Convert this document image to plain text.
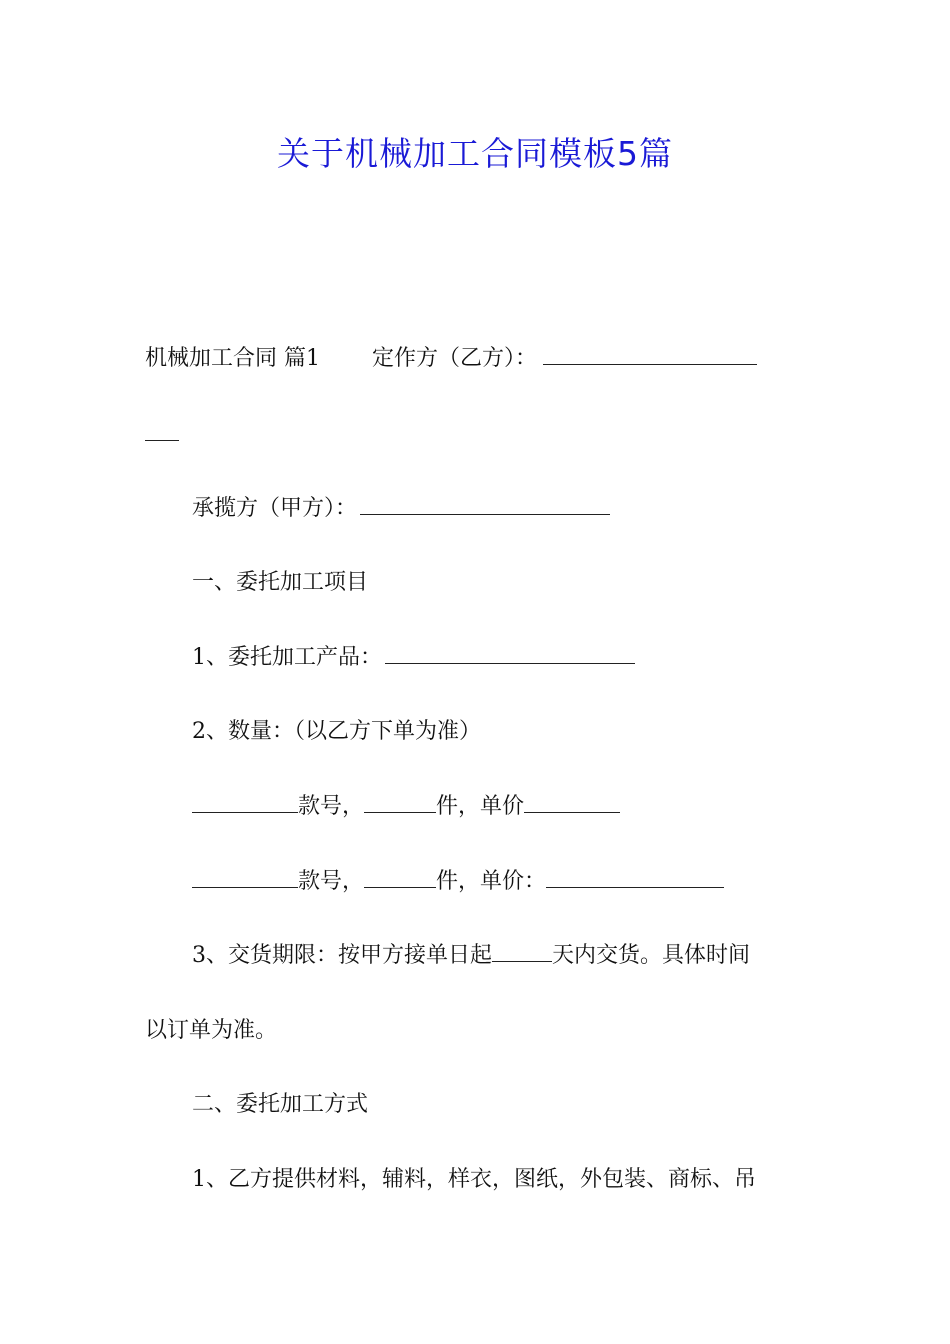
关于机械加工合同模板5篇
机械加工合同 篇1 定作方（乙方）：
承揽方（甲方）：
一、委托加工项目
1、委托加工产品：
2、数量：（以乙方下单为准）
款号，	件，单价
款号，	件，单价：
3、交货期限：按甲方接单日起	天内交货。具体时间
以订单为准。
二、委托加工方式
1、乙方提供材料，辅料，样衣，图纸，外包装、商标、吊
